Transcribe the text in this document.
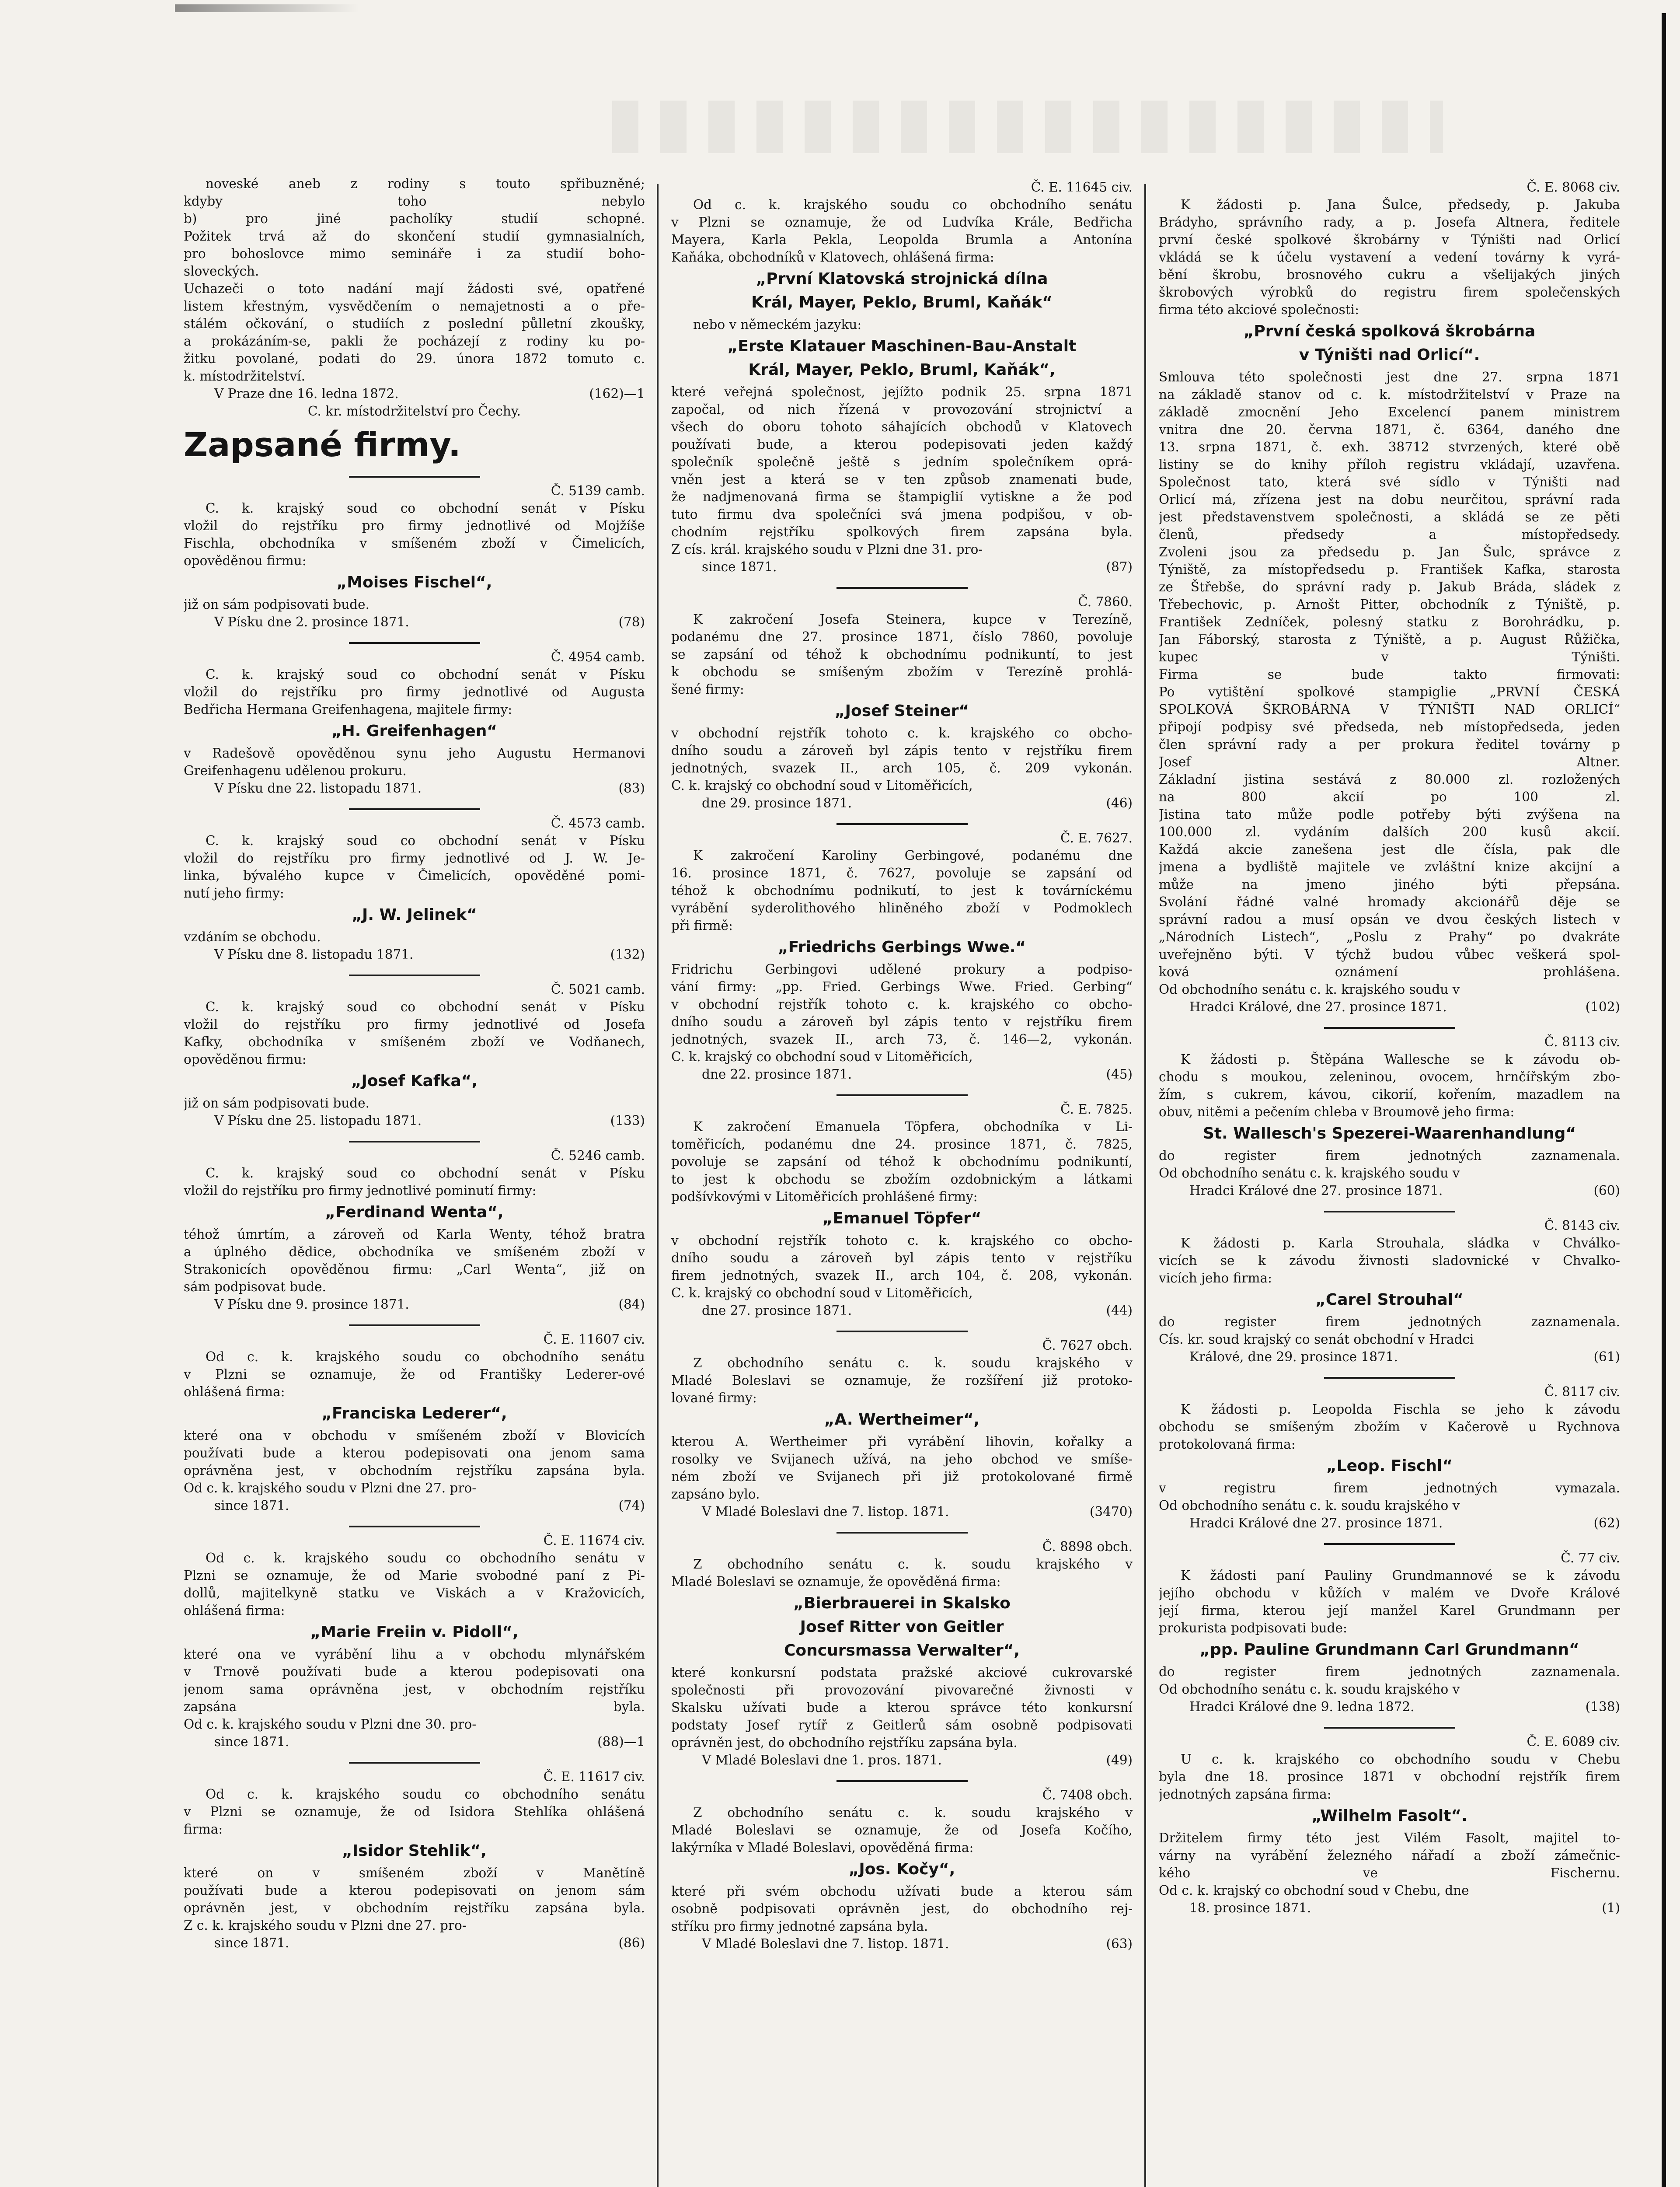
noveské aneb z rodiny s touto spřibuzněné;
kdyby toho nebylo
b) pro jiné pacholíky studií schopné.
Požitek trvá až do skončení studií gymnasialních,
pro bohoslovce mimo semináře i za studií boho-
sloveckých.
Uchazeči o toto nadání mají žádosti své, opatřené
listem křestným, vysvědčením o nemajetnosti a o pře-
stálém očkování, o studiích z poslední půlletní zkoušky,
a prokázáním-se, pakli že pocházejí z rodiny ku po-
žitku povolané, podati do 29. února 1872 tomuto c.
k. místodržitelství.
V Praze dne 16. ledna 1872.	(162)—1
C. kr. místodržitelství pro Čechy.
Zapsané firmy.
Č. 5139 camb.
C. k. krajský soud co obchodní senát v Písku
vložil do rejstříku pro firmy jednotlivé od Mojžíše
Fischla, obchodníka v smíšeném zboží v Čimelicích,
opověděnou firmu:
„Moises Fischel“,
již on sám podpisovati bude.
V Písku dne 2. prosince 1871.	(78)
Č. 4954 camb.
C. k. krajský soud co obchodní senát v Písku
vložil do rejstříku pro firmy jednotlivé od Augusta
Bedřicha Hermana Greifenhagena, majitele firmy:
„H. Greifenhagen“
v Radešově opověděnou synu jeho Augustu Hermanovi
Greifenhagenu udělenou prokuru.
V Písku dne 22. listopadu 1871.	(83)
Č. 4573 camb.
C. k. krajský soud co obchodní senát v Písku
vložil do rejstříku pro firmy jednotlivé od J. W. Je-
linka, bývalého kupce v Čimelicích, opověděné pomi-
nutí jeho firmy:
„J. W. Jelinek“
vzdáním se obchodu.
V Písku dne 8. listopadu 1871.	(132)
Č. 5021 camb.
C. k. krajský soud co obchodní senát v Písku
vložil do rejstříku pro firmy jednotlivé od Josefa
Kafky, obchodníka v smíšeném zboží ve Vodňanech,
opověděnou firmu:
„Josef Kafka“,
již on sám podpisovati bude.
V Písku dne 25. listopadu 1871.	(133)
Č. 5246 camb.
C. k. krajský soud co obchodní senát v Písku
vložil do rejstříku pro firmy jednotlivé pominutí firmy:
„Ferdinand Wenta“,
téhož úmrtím, a zároveň od Karla Wenty, téhož bratra
a úplného dědice, obchodníka ve smíšeném zboží v
Strakonicích opověděnou firmu: „Carl Wenta“, již on
sám podpisovat bude.
V Písku dne 9. prosince 1871.	(84)
Č. E. 11607 civ.
Od c. k. krajského soudu co obchodního senátu
v Plzni se oznamuje, že od Františky Lederer-ové
ohlášená firma:
„Franciska Lederer“,
které ona v obchodu v smíšeném zboží v Blovicích
používati bude a kterou podepisovati ona jenom sama
oprávněna jest, v obchodním rejstříku zapsána byla.
Od c. k. krajského soudu v Plzni dne 27. pro-
since 1871.	(74)
Č. E. 11674 civ.
Od c. k. krajského soudu co obchodního senátu v
Plzni se oznamuje, že od Marie svobodné paní z Pi-
dollů, majitelkyně statku ve Viskách a v Kražovicích,
ohlášená firma:
„Marie Freiin v. Pidoll“,
které ona ve vyrábění lihu a v obchodu mlynářském
v Trnově používati bude a kterou podepisovati ona
jenom sama oprávněna jest, v obchodním rejstříku
zapsána byla.
Od c. k. krajského soudu v Plzni dne 30. pro-
since 1871.	(88)—1
Č. E. 11617 civ.
Od c. k. krajského soudu co obchodního senátu
v Plzni se oznamuje, že od Isidora Stehlíka ohlášená
firma:
„Isidor Stehlik“,
které on v smíšeném zboží v Manětíně
používati bude a kterou podepisovati on jenom sám
oprávněn jest, v obchodním rejstříku zapsána byla.
Z c. k. krajského soudu v Plzni dne 27. pro-
since 1871.	(86)
Č. E. 11645 civ.
Od c. k. krajského soudu co obchodního senátu
v Plzni se oznamuje, že od Ludvíka Krále, Bedřicha
Mayera, Karla Pekla, Leopolda Brumla a Antonína
Kaňáka, obchodníků v Klatovech, ohlášená firma:
„První Klatovská strojnická dílna
Král, Mayer, Peklo, Bruml, Kaňák“
nebo v německém jazyku:
„Erste Klatauer Maschinen-Bau-Anstalt
Král, Mayer, Peklo, Bruml, Kaňák“,
které veřejná společnost, jejížto podnik 25. srpna 1871
započal, od nich řízená v provozování strojnictví a
všech do oboru tohoto sáhajících obchodů v Klatovech
používati bude, a kterou podepisovati jeden každý
společník společně ještě s jedním společníkem oprá-
vněn jest a která se v ten způsob znamenati bude,
že nadjmenovaná firma se štampiglií vytiskne a že pod
tuto firmu dva společníci svá jmena podpišou, v ob-
chodním rejstříku spolkových firem zapsána byla.
Z cís. král. krajského soudu v Plzni dne 31. pro-
since 1871.	(87)
Č. 7860.
K zakročení Josefa Steinera, kupce v Terezíně,
podanému dne 27. prosince 1871, číslo 7860, povoluje
se zapsání od téhož k obchodnímu podnikuntí, to jest
k obchodu se smíšeným zbožím v Terezíně prohlá-
šené firmy:
„Josef Steiner“
v obchodní rejstřík tohoto c. k. krajského co obcho-
dního soudu a zároveň byl zápis tento v rejstříku firem
jednotných, svazek II., arch 105, č. 209 vykonán.
C. k. krajský co obchodní soud v Litoměřicích,
dne 29. prosince 1871.	(46)
Č. E. 7627.
K zakročení Karoliny Gerbingové, podanému dne
16. prosince 1871, č. 7627, povoluje se zapsání od
téhož k obchodnímu podnikutí, to jest k továrníckému
vyrábění syderolithového hliněného zboží v Podmoklech
při firmě:
„Friedrichs Gerbings Wwe.“
Fridrichu Gerbingovi udělené prokury a podpiso-
vání firmy: „pp. Fried. Gerbings Wwe. Fried. Gerbing“
v obchodní rejstřík tohoto c. k. krajského co obcho-
dního soudu a zároveň byl zápis tento v rejstříku firem
jednotných, svazek II., arch 73, č. 146—2, vykonán.
C. k. krajský co obchodní soud v Litoměřicích,
dne 22. prosince 1871.	(45)
Č. E. 7825.
K zakročení Emanuela Töpfera, obchodníka v Li-
toměřicích, podanému dne 24. prosince 1871, č. 7825,
povoluje se zapsání od téhož k obchodnímu podnikuntí,
to jest k obchodu se zbožím ozdobnickým a látkami
podšívkovými v Litoměřicích prohlášené firmy:
„Emanuel Töpfer“
v obchodní rejstřík tohoto c. k. krajského co obcho-
dního soudu a zároveň byl zápis tento v rejstříku
firem jednotných, svazek II., arch 104, č. 208, vykonán.
C. k. krajský co obchodní soud v Litoměřicích,
dne 27. prosince 1871.	(44)
Č. 7627 obch.
Z obchodního senátu c. k. soudu krajského v
Mladé Boleslavi se oznamuje, že rozšíření již protoko-
lované firmy:
„A. Wertheimer“,
kterou A. Wertheimer při vyrábění lihovin, kořalky a
rosolky ve Svijanech užívá, na jeho obchod ve smíše-
ném zboží ve Svijanech při již protokolované firmě
zapsáno bylo.
V Mladé Boleslavi dne 7. listop. 1871.	(3470)
Č. 8898 obch.
Z obchodního senátu c. k. soudu krajského v
Mladé Boleslavi se oznamuje, že opověděná firma:
„Bierbrauerei in Skalsko
Josef Ritter von Geitler
Concursmassa Verwalter“,
které konkursní podstata pražské akciové cukrovarské
společnosti při provozování pivovarečné živnosti v
Skalsku užívati bude a kterou správce této konkursní
podstaty Josef rytíř z Geitlerů sám osobně podpisovati
oprávněn jest, do obchodního rejstříku zapsána byla.
V Mladé Boleslavi dne 1. pros. 1871.	(49)
Č. 7408 obch.
Z obchodního senátu c. k. soudu krajského v
Mladé Boleslavi se oznamuje, že od Josefa Kočího,
lakýrníka v Mladé Boleslavi, opověděná firma:
„Jos. Kočy“,
které při svém obchodu užívati bude a kterou sám
osobně podpisovati oprávněn jest, do obchodního rej-
stříku pro firmy jednotné zapsána byla.
V Mladé Boleslavi dne 7. listop. 1871.	(63)
Č. E. 8068 civ.
K žádosti p. Jana Šulce, předsedy, p. Jakuba
Brádyho, správního rady, a p. Josefa Altnera, ředitele
první české spolkové škrobárny v Týništi nad Orlicí
vkládá se k účelu vystavení a vedení továrny k vyrá-
bění škrobu, brosnového cukru a všelijakých jiných
škrobových výrobků do registru firem společenských
firma této akciové společnosti:
„První česká spolková škrobárna
v Týništi nad Orlicí“.
Smlouva této společnosti jest dne 27. srpna 1871
na základě stanov od c. k. místodržitelství v Praze na
základě zmocnění Jeho Excelencí panem ministrem
vnitra dne 20. června 1871, č. 6364, daného dne
13. srpna 1871, č. exh. 38712 stvrzených, které obě
listiny se do knihy příloh registru vkládají, uzavřena.
Společnost tato, která své sídlo v Týništi nad
Orlicí má, zřízena jest na dobu neurčitou, správní rada
jest představenstvem společnosti, a skládá se ze pěti
členů, předsedy a místopředsedy.
Zvoleni jsou za předsedu p. Jan Šulc, správce z
Týniště, za místopředsedu p. František Kafka, starosta
ze Štřebše, do správní rady p. Jakub Bráda, sládek z
Třebechovic, p. Arnošt Pitter, obchodník z Týniště, p.
František Zedníček, polesný statku z Borohrádku, p.
Jan Fáborský, starosta z Týniště, a p. August Růžička,
kupec v Týništi.
Firma se bude takto firmovati:
Po vytištění spolkové stampiglie „PRVNÍ ČESKÁ
SPOLKOVÁ ŠKROBÁRNA V TÝNIŠTI NAD ORLICÍ“
připojí podpisy své předseda, neb místopředseda, jeden
člen správní rady a per prokura ředitel továrny p
Josef Altner.
Základní jistina sestává z 80.000 zl. rozložených
na 800 akcií po 100 zl.
Jistina tato může podle potřeby býti zvýšena na
100.000 zl. vydáním dalších 200 kusů akcií.
Každá akcie zanešena jest dle čísla, pak dle
jmena a bydliště majitele ve zvláštní knize akcijní a
může na jmeno jiného býti přepsána.
Svolání řádné valné hromady akcionářů děje se
správní radou a musí opsán ve dvou českých listech v
„Národních Listech“, „Poslu z Prahy“ po dvakráte
uveřejněno býti. V týchž budou vůbec veškerá spol-
ková oznámení prohlášena.
Od obchodního senátu c. k. krajského soudu v
Hradci Králové, dne 27. prosince 1871.	(102)
Č. 8113 civ.
K žádosti p. Štěpána Wallesche se k závodu ob-
chodu s moukou, zeleninou, ovocem, hrnčířským zbo-
žím, s cukrem, kávou, cikorií, kořením, mazadlem na
obuv, nitěmi a pečením chleba v Broumově jeho firma:
St. Wallesch's Spezerei-Waarenhandlung“
do register firem jednotných zaznamenala.
Od obchodního senátu c. k. krajského soudu v
Hradci Králové dne 27. prosince 1871.	(60)
Č. 8143 civ.
K žádosti p. Karla Strouhala, sládka v Chválko-
vicích se k závodu živnosti sladovnické v Chvalko-
vicích jeho firma:
„Carel Strouhal“
do register firem jednotných zaznamenala.
Cís. kr. soud krajský co senát obchodní v Hradci
Králové, dne 29. prosince 1871.	(61)
Č. 8117 civ.
K žádosti p. Leopolda Fischla se jeho k závodu
obchodu se smíšeným zbožím v Kačerově u Rychnova
protokolovaná firma:
„Leop. Fischl“
v registru firem jednotných vymazala.
Od obchodního senátu c. k. soudu krajského v
Hradci Králové dne 27. prosince 1871.	(62)
Č. 77 civ.
K žádosti paní Pauliny Grundmannové se k závodu
jejího obchodu v kůžích v malém ve Dvoře Králové
její firma, kterou její manžel Karel Grundmann per
prokurista podpisovati bude:
„pp. Pauline Grundmann Carl Grundmann“
do register firem jednotných zaznamenala.
Od obchodního senátu c. k. soudu krajského v
Hradci Králové dne 9. ledna 1872.	(138)
Č. E. 6089 civ.
U c. k. krajského co obchodního soudu v Chebu
byla dne 18. prosince 1871 v obchodní rejstřík firem
jednotných zapsána firma:
„Wilhelm Fasolt“.
Držitelem firmy této jest Vilém Fasolt, majitel to-
várny na vyrábění železného nářadí a zboží zámečnic-
kého ve Fischernu.
Od c. k. krajský co obchodní soud v Chebu, dne
18. prosince 1871.	(1)
